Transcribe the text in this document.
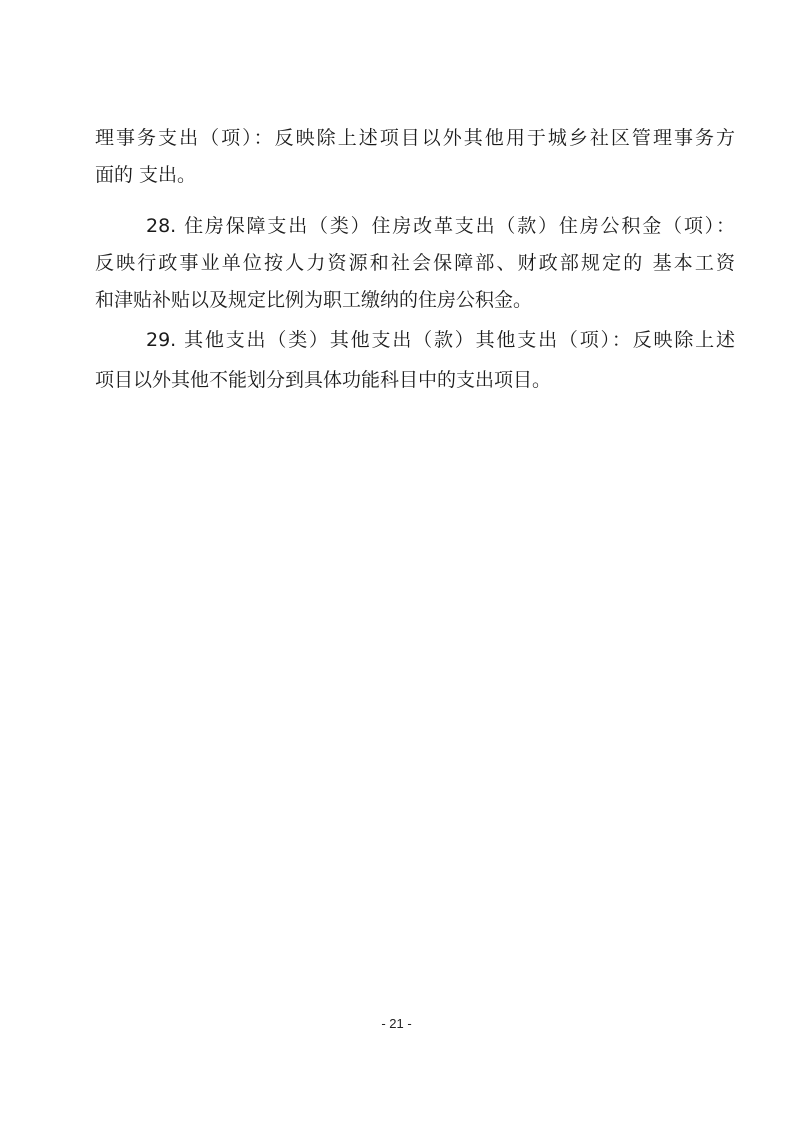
理事务支出（项）：反映除上述项目以外其他用于城乡社区管理事务方
面的 支出。
28. 住房保障支出（类）住房改革支出（款）住房公积金（项）：
反映行政事业单位按人力资源和社会保障部、财政部规定的 基本工资
和津贴补贴以及规定比例为职工缴纳的住房公积金。
29. 其他支出（类）其他支出（款）其他支出（项）：反映除上述
项目以外其他不能划分到具体功能科目中的支出项目。
- 21 -
